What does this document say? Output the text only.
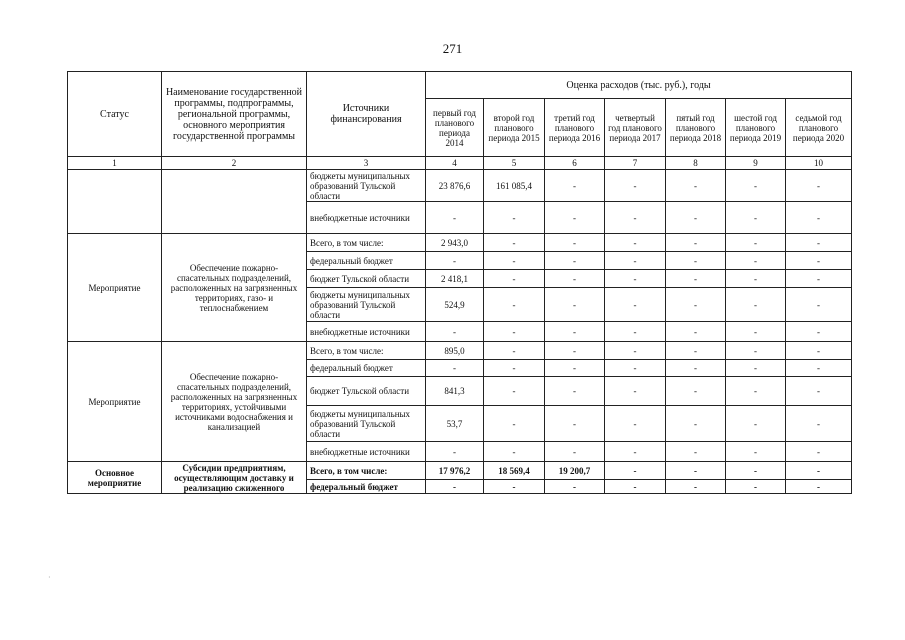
271
Статус	Наименование государственной программы, подпрограммы, региональной программы, основного мероприятия государственной программы	Источники финансирования	Оценка расходов (тыс. руб.), годы						
			первый год планового периода 2014	второй год планового периода 2015	третий год планового периода 2016	четвертый год планового периода 2017	пятый год планового периода 2018	шестой год планового периода 2019	седьмой год планового периода 2020
1	2	3	4	5	6	7	8	9	10
		бюджеты муниципальных образований Тульской области	23 876,6	161 085,4	-	-	-	-	-
		внебюджетные источники	-	-	-	-	-	-	-
Мероприятие	Обеспечение пожарно-спасательных подразделений, расположенных на загрязненных территориях, газо- и теплоснабжением	Всего, в том числе:	2 943,0	-	-	-	-	-	-
		федеральный бюджет	-	-	-	-	-	-	-
		бюджет Тульской области	2 418,1	-	-	-	-	-	-
		бюджеты муниципальных образований Тульской области	524,9	-	-	-	-	-	-
		внебюджетные источники	-	-	-	-	-	-	-
Мероприятие	Обеспечение пожарно-спасательных подразделений, расположенных на загрязненных территориях, устойчивыми источниками водоснабжения и канализацией	Всего, в том числе:	895,0	-	-	-	-	-	-
		федеральный бюджет	-	-	-	-	-	-	-
		бюджет Тульской области	841,3	-	-	-	-	-	-
		бюджеты муниципальных образований Тульской области	53,7	-	-	-	-	-	-
		внебюджетные источники	-	-	-	-	-	-	-
Основное мероприятие	Субсидии предприятиям, осуществляющим доставку и реализацию сжиженного	Всего, в том числе:	17 976,2	18 569,4	19 200,7	-	-	-	-
		федеральный бюджет	-	-	-	-	-	-	-
·
